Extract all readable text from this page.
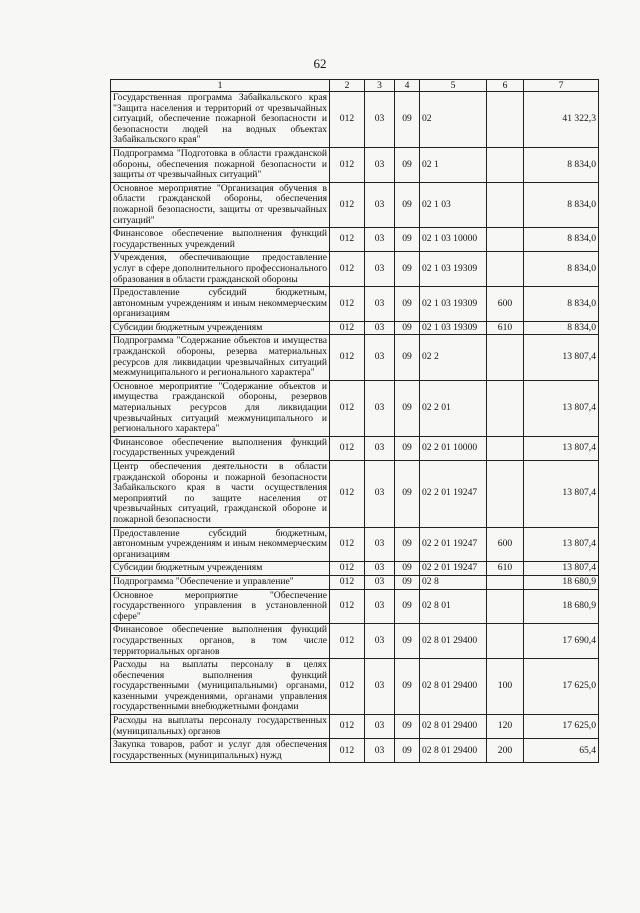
62
1	2	3	4	5	6	7
Государственная программа Забайкальского края "Защита населения и территорий от чрезвычайных ситуаций, обеспечение пожарной безопасности и безопасности людей на водных объектах Забайкальского края"	012	03	09	02		41 322,3
Подпрограмма "Подготовка в области гражданской обороны, обеспечения пожарной безопасности и защиты от чрезвычайных ситуаций"	012	03	09	02 1		8 834,0
Основное мероприятие "Организация обучения в области гражданской обороны, обеспечения пожарной безопасности, защиты от чрезвычайных ситуаций"	012	03	09	02 1 03		8 834,0
Финансовое обеспечение выполнения функций государственных учреждений	012	03	09	02 1 03 10000		8 834,0
Учреждения, обеспечивающие предоставление услуг в сфере дополнительного профессионального образования в области гражданской обороны	012	03	09	02 1 03 19309		8 834,0
Предоставление субсидий бюджетным, автономным учреждениям и иным некоммерческим организациям	012	03	09	02 1 03 19309	600	8 834,0
Субсидии бюджетным учреждениям	012	03	09	02 1 03 19309	610	8 834,0
Подпрограмма "Содержание объектов и имущества гражданской обороны, резерва материальных ресурсов для ликвидации чрезвычайных ситуаций межмуниципального и регионального характера"	012	03	09	02 2		13 807,4
Основное мероприятие "Содержание объектов и имущества гражданской обороны, резервов материальных ресурсов для ликвидации чрезвычайных ситуаций межмуниципального и регионального характера"	012	03	09	02 2 01		13 807,4
Финансовое обеспечение выполнения функций государственных учреждений	012	03	09	02 2 01 10000		13 807,4
Центр обеспечения деятельности в области гражданской обороны и пожарной безопасности Забайкальского края в части осуществления мероприятий по защите населения от чрезвычайных ситуаций, гражданской обороне и пожарной безопасности	012	03	09	02 2 01 19247		13 807,4
Предоставление субсидий бюджетным, автономным учреждениям и иным некоммерческим организациям	012	03	09	02 2 01 19247	600	13 807,4
Субсидии бюджетным учреждениям	012	03	09	02 2 01 19247	610	13 807,4
Подпрограмма "Обеспечение и управление"	012	03	09	02 8		18 680,9
Основное мероприятие "Обеспечение государственного управления в установленной сфере"	012	03	09	02 8 01		18 680,9
Финансовое обеспечение выполнения функций государственных органов, в том числе территориальных органов	012	03	09	02 8 01 29400		17 690,4
Расходы на выплаты персоналу в целях обеспечения выполнения функций государственными (муниципальными) органами, казенными учреждениями, органами управления государственными внебюджетными фондами	012	03	09	02 8 01 29400	100	17 625,0
Расходы на выплаты персоналу государственных (муниципальных) органов	012	03	09	02 8 01 29400	120	17 625,0
Закупка товаров, работ и услуг для обеспечения государственных (муниципальных) нужд	012	03	09	02 8 01 29400	200	65,4
